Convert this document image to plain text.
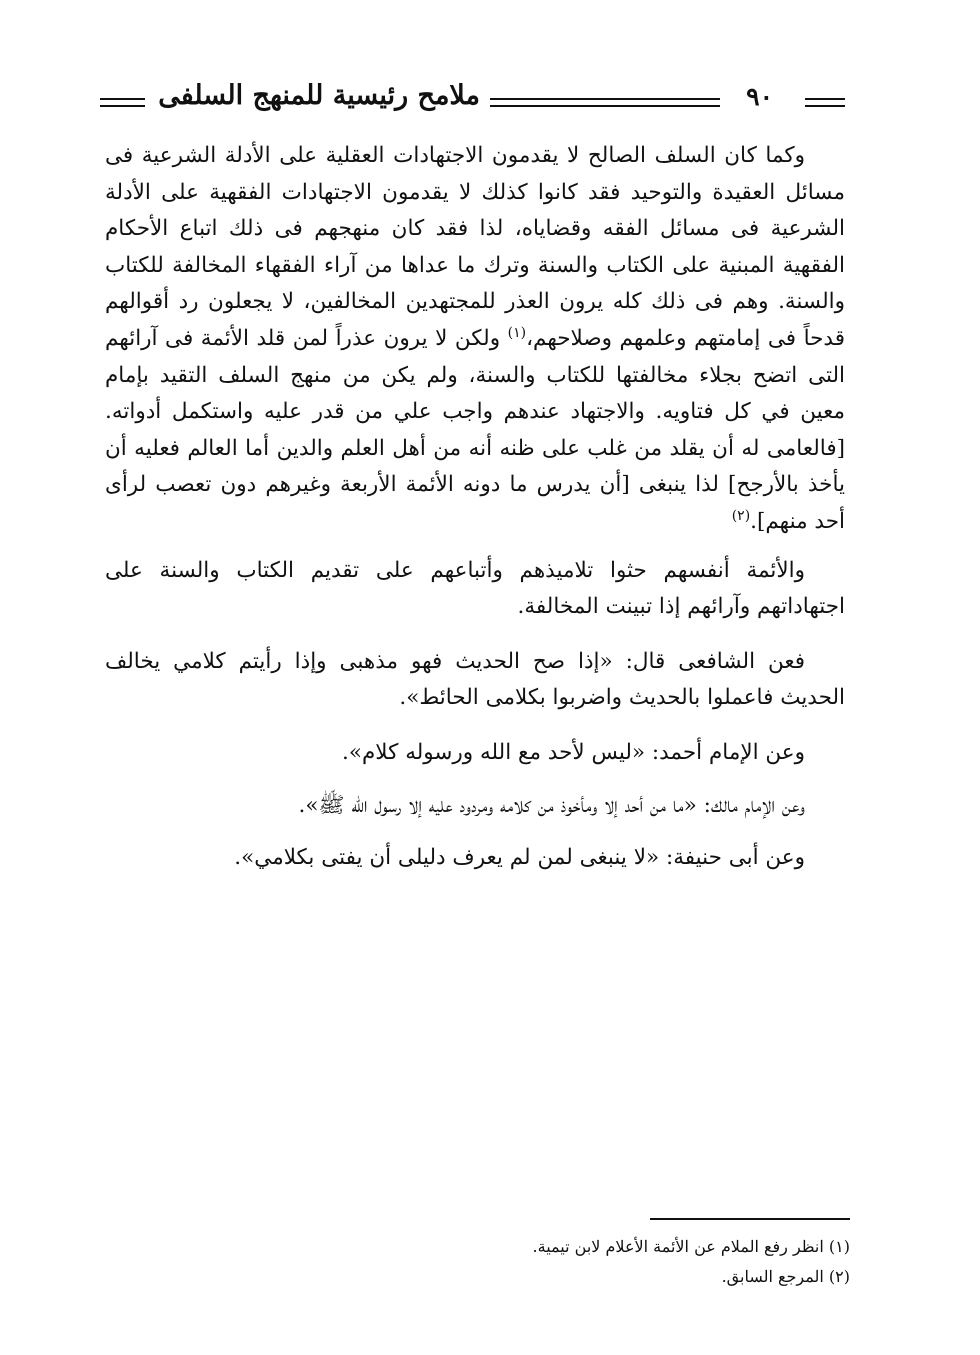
٩٠
ملامح رئيسية للمنهج السلفى

وكما كان السلف الصالح لا يقدمون الاجتهادات العقلية على الأدلة الشرعية فى مسائل العقيدة والتوحيد فقد كانوا كذلك لا يقدمون الاجتهادات الفقهية على الأدلة الشرعية فى مسائل الفقه وقضاياه، لذا فقد كان منهجهم فى ذلك اتباع الأحكام الفقهية المبنية على الكتاب والسنة وترك ما عداها من آراء الفقهاء المخالفة للكتاب والسنة. وهم فى ذلك كله يرون العذر للمجتهدين المخالفين، لا يجعلون رد أقوالهم قدحاً فى إمامتهم وعلمهم وصلاحهم،$^{(١)}$ ولكن لا يرون عذراً لمن قلد الأئمة فى آرائهم التى اتضح بجلاء مخالفتها للكتاب والسنة، ولم يكن من منهج السلف التقيد بإمام معين في كل فتاويه. والاجتهاد عندهم واجب علي من قدر عليه واستكمل أدواته. [فالعامى له أن يقلد من غلب على ظنه أنه من أهل العلم والدين أما العالم فعليه أن يأخذ بالأرجح] لذا ينبغى [أن يدرس ما دونه الأئمة الأربعة وغيرهم دون تعصب لرأى أحد منهم].$^{(٢)}$

والأئمة أنفسهم حثوا تلاميذهم وأتباعهم على تقديم الكتاب والسنة على اجتهاداتهم وآرائهم إذا تبينت المخالفة.

فعن الشافعى قال: «إذا صح الحديث فهو مذهبى وإذا رأيتم كلامي يخالف الحديث فاعملوا بالحديث واضربوا بكلامى الحائط».

وعن الإمام أحمد: «ليس لأحد مع الله ورسوله كلام».

وعن الإمام مالك: «ما من أحد إلا ومأخوذ من كلامه ومردود عليه إلا رسول الله ﷺ».

وعن أبى حنيفة: «لا ينبغى لمن لم يعرف دليلى أن يفتى بكلامي».

(١) انظر رفع الملام عن الأئمة الأعلام لابن تيمية.

(٢) المرجع السابق.
